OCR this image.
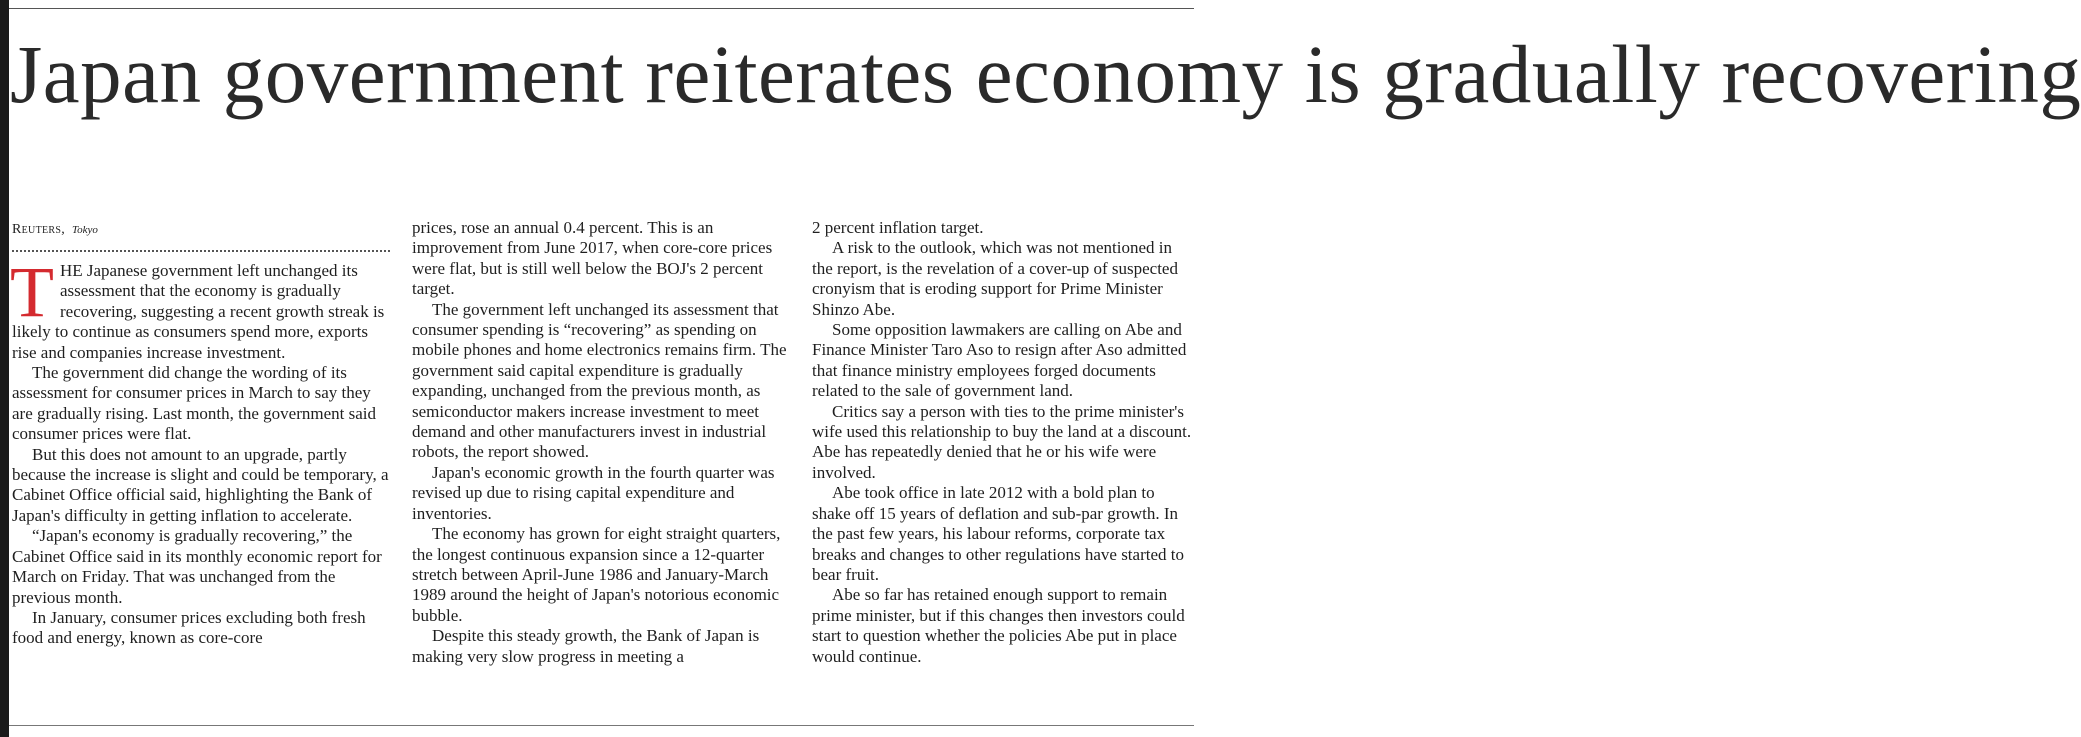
Japan government reiterates economy is gradually recovering
Reuters, Tokyo

THE Japanese government left unchanged its assessment that the economy is gradually recovering, suggesting a recent growth streak is likely to continue as consumers spend more, exports rise and companies increase investment.

The government did change the wording of its assessment for consumer prices in March to say they are gradually rising. Last month, the government said consumer prices were flat.

But this does not amount to an upgrade, partly because the increase is slight and could be temporary, a Cabinet Office official said, highlighting the Bank of Japan's difficulty in getting inflation to accelerate.

“Japan's economy is gradually recovering,” the Cabinet Office said in its monthly economic report for March on Friday. That was unchanged from the previous month.

In January, consumer prices excluding both fresh food and energy, known as core-core

prices, rose an annual 0.4 percent. This is an improvement from June 2017, when core-core prices were flat, but is still well below the BOJ's 2 percent target.

The government left unchanged its assessment that consumer spending is “recovering” as spending on mobile phones and home electronics remains firm. The government said capital expenditure is gradually expanding, unchanged from the previous month, as semiconductor makers increase investment to meet demand and other manufacturers invest in industrial robots, the report showed.

Japan's economic growth in the fourth quarter was revised up due to rising capital expenditure and inventories.

The economy has grown for eight straight quarters, the longest continuous expansion since a 12-quarter stretch between April-June 1986 and January-March 1989 around the height of Japan's notorious economic bubble.

Despite this steady growth, the Bank of Japan is making very slow progress in meeting a

2 percent inflation target.

A risk to the outlook, which was not mentioned in the report, is the revelation of a cover-up of suspected cronyism that is eroding support for Prime Minister Shinzo Abe.

Some opposition lawmakers are calling on Abe and Finance Minister Taro Aso to resign after Aso admitted that finance ministry employees forged documents related to the sale of government land.

Critics say a person with ties to the prime minister's wife used this relationship to buy the land at a discount. Abe has repeatedly denied that he or his wife were involved.

Abe took office in late 2012 with a bold plan to shake off 15 years of deflation and sub-par growth. In the past few years, his labour reforms, corporate tax breaks and changes to other regulations have started to bear fruit.

Abe so far has retained enough support to remain prime minister, but if this changes then investors could start to question whether the policies Abe put in place would continue.
